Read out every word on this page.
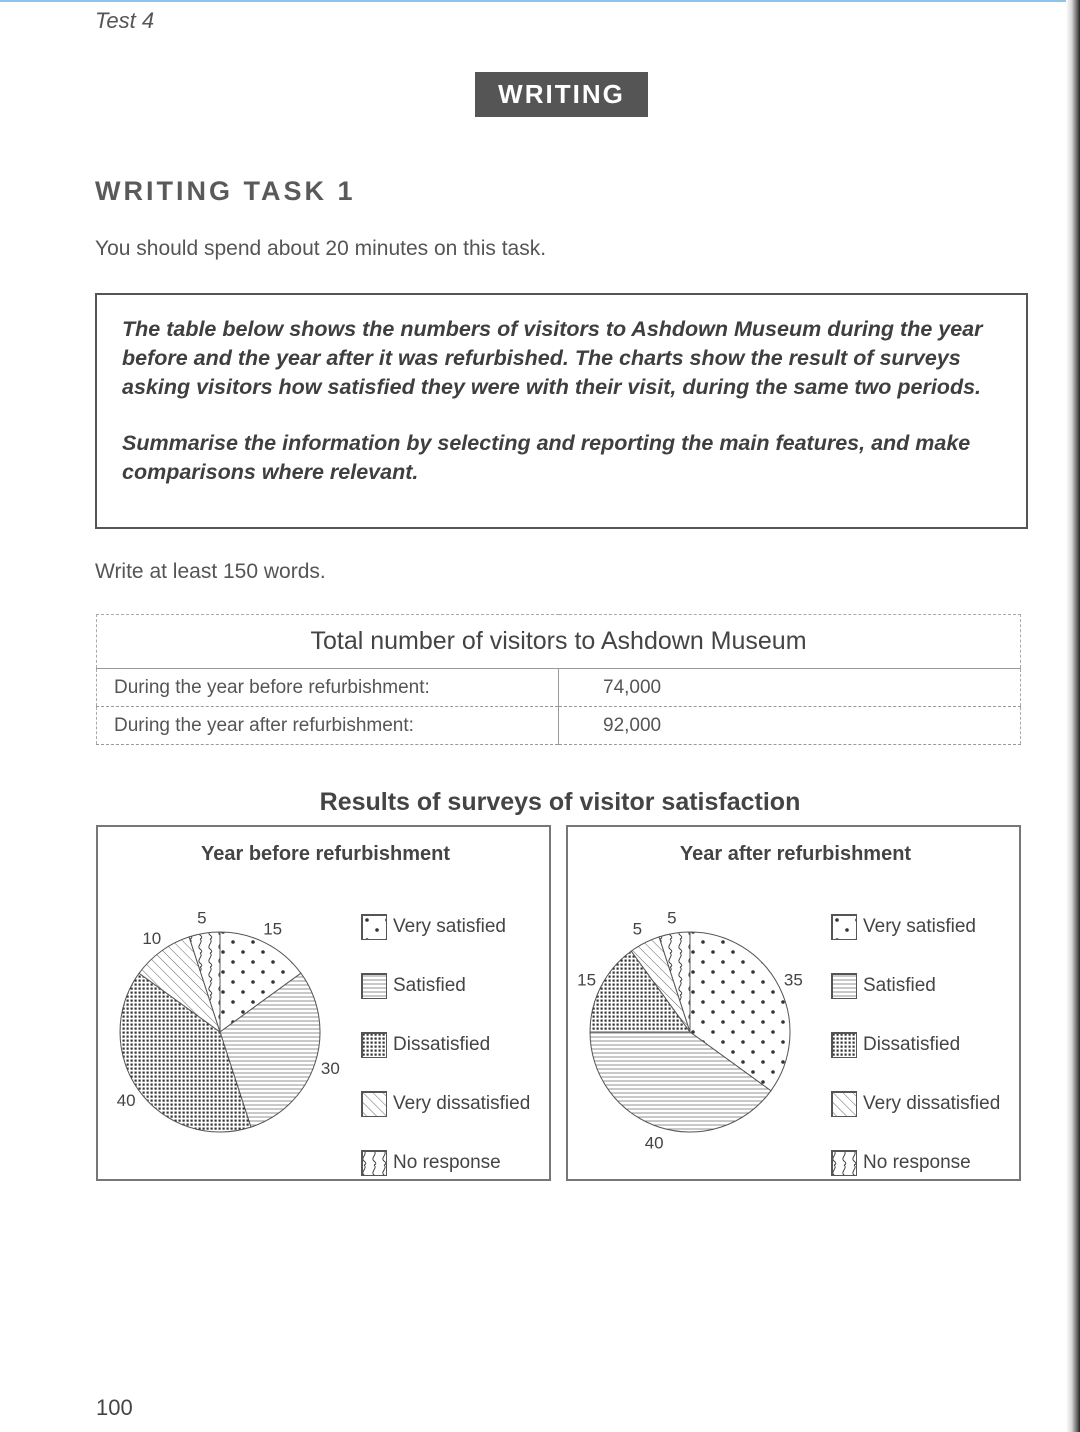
Test 4
WRITING
WRITING TASK 1
You should spend about 20 minutes on this task.

The table below shows the numbers of visitors to Ashdown Museum during the year before and the year after it was refurbished. The charts show the result of surveys asking visitors how satisfied they were with their visit, during the same two periods.

Summarise the information by selecting and reporting the main features, and make comparisons where relevant.

Write at least 150 words.
Total number of visitors to Ashdown Museum	
During the year before refurbishment:	74,000
During the year after refurbishment:	92,000
Results of surveys of visitor satisfaction
Year before refurbishment
15
30
40
10
5	Very satisfied
Satisfied
Dissatisfied
Very dissatisfied
No response
Year after refurbishment
35
40
15
5
5	Very satisfied
Satisfied
Dissatisfied
Very dissatisfied
No response
100
